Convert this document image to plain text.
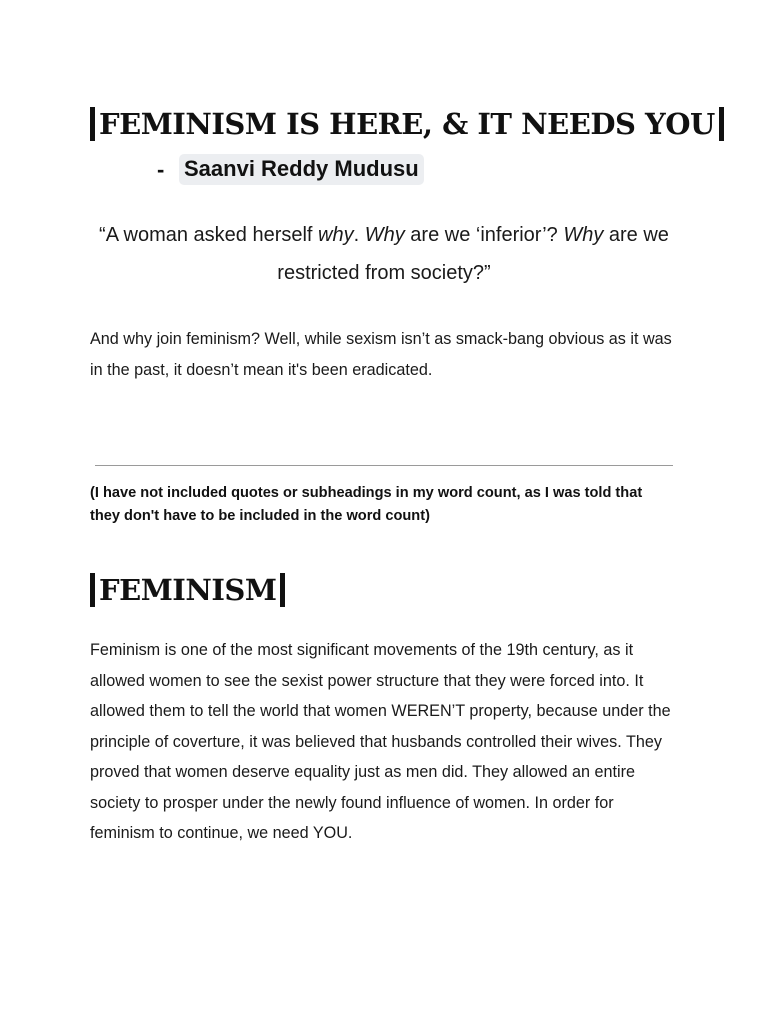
FEMINISM IS HERE, & IT NEEDS YOU
- Saanvi Reddy Mudusu

“A woman asked herself why. Why are we ‘inferior’? Why are we restricted from society?”

And why join feminism? Well, while sexism isn’t as smack-bang obvious as it was in the past, it doesn’t mean it's been eradicated.

(I have not included quotes or subheadings in my word count, as I was told that they don't have to be included in the word count)

FEMINISM

Feminism is one of the most significant movements of the 19th century, as it allowed women to see the sexist power structure that they were forced into. It allowed them to tell the world that women WEREN’T property, because under the principle of coverture, it was believed that husbands controlled their wives. They proved that women deserve equality just as men did. They allowed an entire society to prosper under the newly found influence of women. In order for feminism to continue, we need YOU.
